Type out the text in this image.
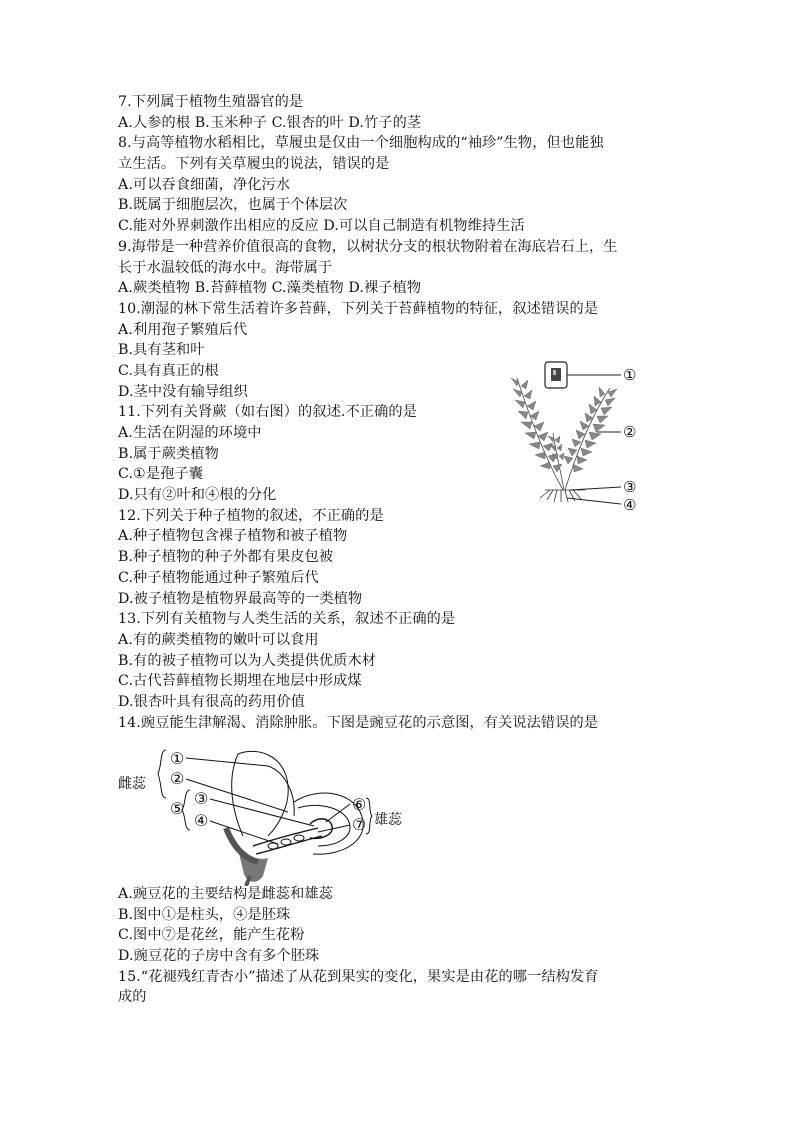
7.下列属于植物生殖器官的是
A.人参的根 B.玉米种子 C.银杏的叶 D.竹子的茎
8.与高等植物水稻相比，草履虫是仅由一个细胞构成的“袖珍”生物，但也能独
立生活。下列有关草履虫的说法，错误的是
A.可以吞食细菌，净化污水
B.既属于细胞层次，也属于个体层次
C.能对外界刺激作出相应的反应 D.可以自己制造有机物维持生活
9.海带是一种营养价值很高的食物，以树状分支的根状物附着在海底岩石上，生
长于水温较低的海水中。海带属于
A.蕨类植物 B.苔藓植物 C.藻类植物 D.裸子植物
10.潮湿的林下常生活着许多苔藓，下列关于苔藓植物的特征，叙述错误的是
A.利用孢子繁殖后代
B.具有茎和叶
C.具有真正的根
D.茎中没有输导组织
11.下列有关肾蕨（如右图）的叙述.不正确的是
A.生活在阴湿的环境中
B.属于蕨类植物
C.①是孢子囊
D.只有②叶和④根的分化
12.下列关于种子植物的叙述，不正确的是
A.种子植物包含裸子植物和被子植物
B.种子植物的种子外都有果皮包被
C.种子植物能通过种子繁殖后代
D.被子植物是植物界最高等的一类植物
13.下列有关植物与人类生活的关系，叙述不正确的是
A.有的蕨类植物的嫩叶可以食用
B.有的被子植物可以为人类提供优质木材
C.古代苔藓植物长期埋在地层中形成煤
D.银杏叶具有很高的药用价值
14.豌豆能生津解渴、消除肿胀。下图是豌豆花的示意图，有关说法错误的是
①
②
③
④
①
②
⑤
③
④
⑥
⑦
雌蕊
雄蕊
A.豌豆花的主要结构是雌蕊和雄蕊
B.图中①是柱头，④是胚珠
C.图中⑦是花丝，能产生花粉
D.豌豆花的子房中含有多个胚珠
15.“花褪残红青杏小”描述了从花到果实的变化，果实是由花的哪一结构发育
成的
